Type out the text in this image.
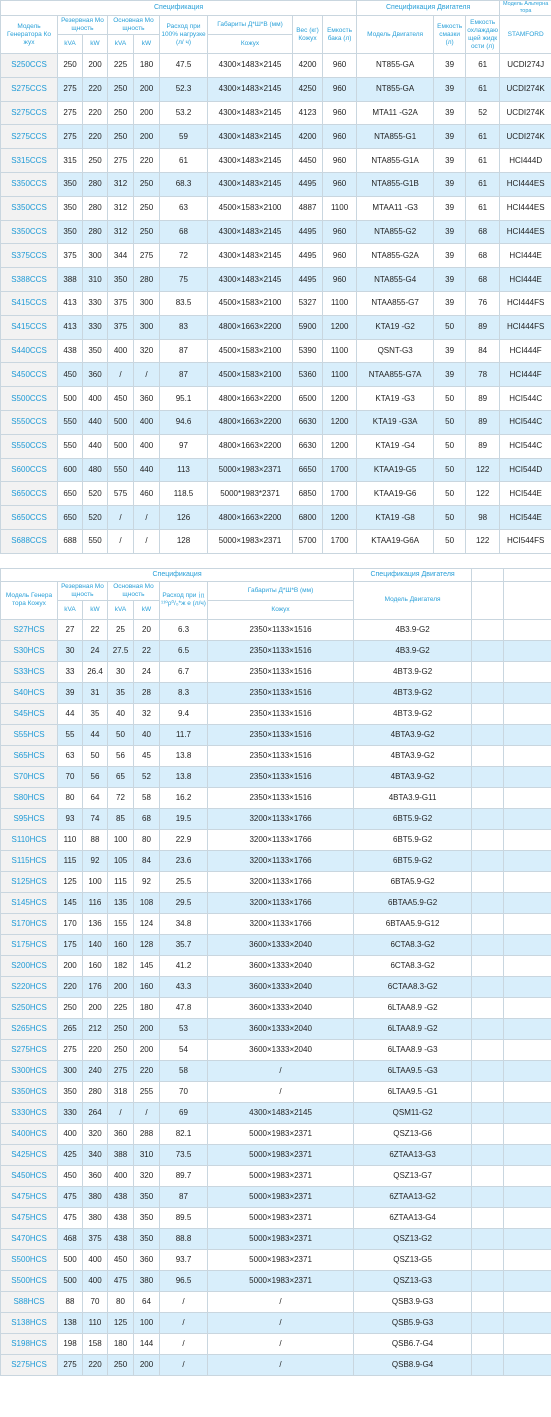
Спецификация									Спецификация Двигателя			Модель Альтерна тора
Модель Генератора Ко жух	Резервная Мо щность		Основная Мо щность		Расход при 100% нагрузке (л/ ч)	Габариты Д*Ш*В (мм)	Вес (кг) Кожух	Емкость бака (л)	Модель Двигателя	Емкость смазки (л)	Емкость охлаждаю щей жидк ости (л)	STAMFORD
	kVA	kW	kVA	kW		Кожух						
S250CCS	250	200	225	180	47.5	4300×1483×2145	4200	960	NT855-GA	39	61	UCDI274J
S275CCS	275	220	250	200	52.3	4300×1483×2145	4250	960	NT855-GA	39	61	UCDI274K
S275CCS	275	220	250	200	53.2	4300×1483×2145	4123	960	MTA11 -G2A	39	52	UCDI274K
S275CCS	275	220	250	200	59	4300×1483×2145	4200	960	NTA855-G1	39	61	UCDI274K
S315CCS	315	250	275	220	61	4300×1483×2145	4450	960	NTA855-G1A	39	61	HCI444D
S350CCS	350	280	312	250	68.3	4300×1483×2145	4495	960	NTA855-G1B	39	61	HCI444ES
S350CCS	350	280	312	250	63	4500×1583×2100	4887	1100	MTAA11 -G3	39	61	HCI444ES
S350CCS	350	280	312	250	68	4300×1483×2145	4495	960	NTA855-G2	39	68	HCI444ES
S375CCS	375	300	344	275	72	4300×1483×2145	4495	960	NTA855-G2A	39	68	HCI444E
S388CCS	388	310	350	280	75	4300×1483×2145	4495	960	NTA855-G4	39	68	HCI444E
S415CCS	413	330	375	300	83.5	4500×1583×2100	5327	1100	NTAA855-G7	39	76	HCI444FS
S415CCS	413	330	375	300	83	4800×1663×2200	5900	1200	KTA19 -G2	50	89	HCI444FS
S440CCS	438	350	400	320	87	4500×1583×2100	5390	1100	QSNT-G3	39	84	HCI444F
S450CCS	450	360	/	/	87	4500×1583×2100	5360	1100	NTAA855-G7A	39	78	HCI444F
S500CCS	500	400	450	360	95.1	4800×1663×2200	6500	1200	KTA19 -G3	50	89	HCI544C
S550CCS	550	440	500	400	94.6	4800×1663×2200	6630	1200	KTA19 -G3A	50	89	HCI544C
S550CCS	550	440	500	400	97	4800×1663×2200	6630	1200	KTA19 -G4	50	89	HCI544C
S600CCS	600	480	550	440	113	5000×1983×2371	6650	1700	KTAA19-G5	50	122	HCI544D
S650CCS	650	520	575	460	118.5	5000*1983*2371	6850	1700	KTAA19-G6	50	122	HCI544E
S650CCS	650	520	/	/	126	4800×1663×2200	6800	1200	KTA19 -G8	50	98	HCI544E
S688CCS	688	550	/	/	128	5000×1983×2371	5700	1700	KTAA19-G6A	50	122	HCI544FS
Спецификация							Спецификация Двигателя		
Модель Генера тора Кожух	Резервная Мо щность		Основная Мо щность		Расход при ㏌¹¹ºρ⁰/₀*ж е (л/ч)	Габариты Д*Ш*В (мм)	Модель Двигателя		
	kVA	kW	kVA	kW		Кожух			
S27HCS	27	22	25	20	6.3	2350×1133×1516	4B3.9-G2		
S30HCS	30	24	27.5	22	6.5	2350×1133×1516	4B3.9-G2		
S33HCS	33	26.4	30	24	6.7	2350×1133×1516	4BT3.9-G2		
S40HCS	39	31	35	28	8.3	2350×1133×1516	4BT3.9-G2		
S45HCS	44	35	40	32	9.4	2350×1133×1516	4BT3.9-G2		
S55HCS	55	44	50	40	11.7	2350×1133×1516	4BTA3.9-G2		
S65HCS	63	50	56	45	13.8	2350×1133×1516	4BTA3.9-G2		
S70HCS	70	56	65	52	13.8	2350×1133×1516	4BTA3.9-G2		
S80HCS	80	64	72	58	16.2	2350×1133×1516	4BTA3.9-G11		
S95HCS	93	74	85	68	19.5	3200×1133×1766	6BT5.9-G2		
S110HCS	110	88	100	80	22.9	3200×1133×1766	6BT5.9-G2		
S115HCS	115	92	105	84	23.6	3200×1133×1766	6BT5.9-G2		
S125HCS	125	100	115	92	25.5	3200×1133×1766	6BTA5.9-G2		
S145HCS	145	116	135	108	29.5	3200×1133×1766	6BTAA5.9-G2		
S170HCS	170	136	155	124	34.8	3200×1133×1766	6BTAA5.9-G12		
S175HCS	175	140	160	128	35.7	3600×1333×2040	6CTA8.3-G2		
S200HCS	200	160	182	145	41.2	3600×1333×2040	6CTA8.3-G2		
S220HCS	220	176	200	160	43.3	3600×1333×2040	6CTAA8.3-G2		
S250HCS	250	200	225	180	47.8	3600×1333×2040	6LTAA8.9 -G2		
S265HCS	265	212	250	200	53	3600×1333×2040	6LTAA8.9 -G2		
S275HCS	275	220	250	200	54	3600×1333×2040	6LTAA8.9 -G3		
S300HCS	300	240	275	220	58	/	6LTAA9.5 -G3		
S350HCS	350	280	318	255	70	/	6LTAA9.5 -G1		
S330HCS	330	264	/	/	69	4300×1483×2145	QSM11-G2		
S400HCS	400	320	360	288	82.1	5000×1983×2371	QSZ13-G6		
S425HCS	425	340	388	310	73.5	5000×1983×2371	6ZTAA13-G3		
S450HCS	450	360	400	320	89.7	5000×1983×2371	QSZ13-G7		
S475HCS	475	380	438	350	87	5000×1983×2371	6ZTAA13-G2		
S475HCS	475	380	438	350	89.5	5000×1983×2371	6ZTAA13-G4		
S470HCS	468	375	438	350	88.8	5000×1983×2371	QSZ13-G2		
S500HCS	500	400	450	360	93.7	5000×1983×2371	QSZ13-G5		
S500HCS	500	400	475	380	96.5	5000×1983×2371	QSZ13-G3		
S88HCS	88	70	80	64	/	/	QSB3.9-G3		
S138HCS	138	110	125	100	/	/	QSB5.9-G3		
S198HCS	198	158	180	144	/	/	QSB6.7-G4		
S275HCS	275	220	250	200	/	/	QSB8.9-G4		
